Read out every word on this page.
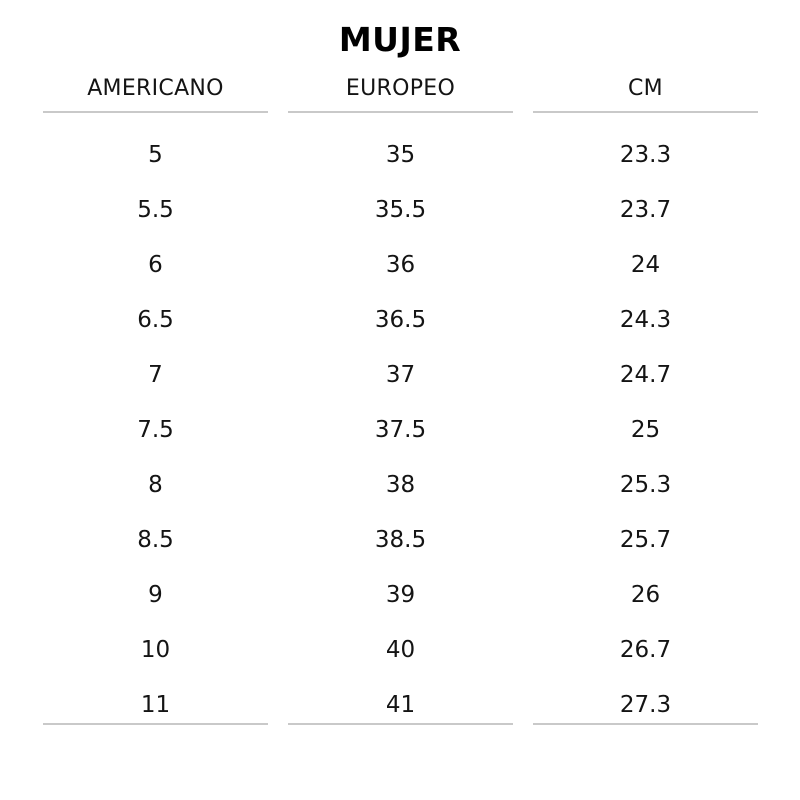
MUJER
AMERICANO
5
5.5
6
6.5
7
7.5
8
8.5
9
10
11
EUROPEO
35
35.5
36
36.5
37
37.5
38
38.5
39
40
41
CM
23.3
23.7
24
24.3
24.7
25
25.3
25.7
26
26.7
27.3
